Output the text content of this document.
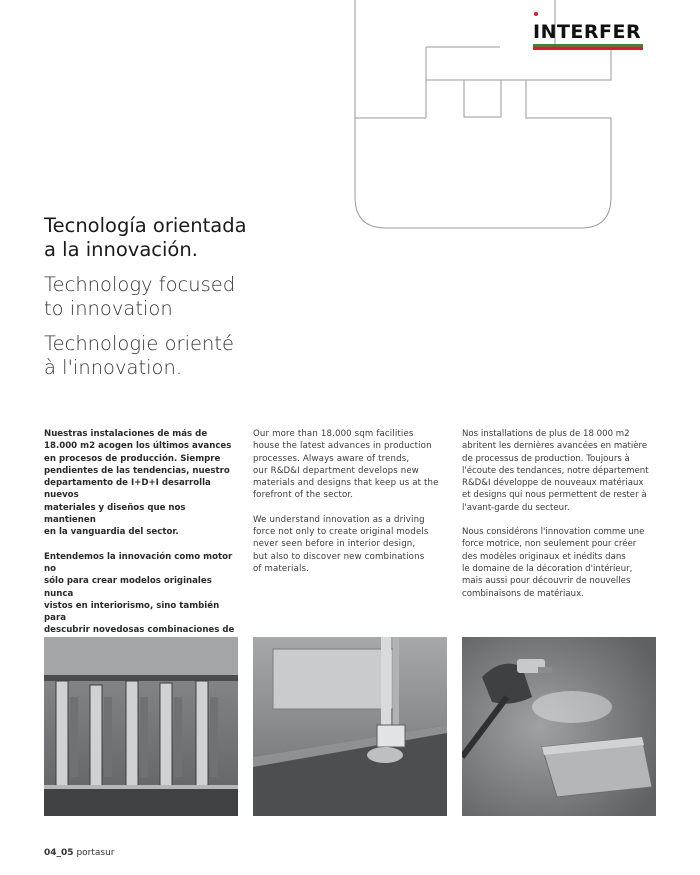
INTERFER
Tecnología orientada
a la innovación.
Technology focused
to innovation
Technologie orienté
à l'innovation.

Nuestras instalaciones de más de
18.000 m2 acogen los últimos avances
en procesos de producción. Siempre
pendientes de las tendencias, nuestro
departamento de I+D+I desarrolla nuevos
materiales y diseños que nos mantienen
en la vanguardia del sector.

Entendemos la innovación como motor no
sólo para crear modelos originales nunca
vistos en interiorismo, sino también para
descubrir novedosas combinaciones de

Our more than 18.000 sqm facilities
house the latest advances in production
processes. Always aware of trends,
our R&D&I department develops new
materials and designs that keep us at the
forefront of the sector.

We understand innovation as a driving
force not only to create original models
never seen before in interior design,
but also to discover new combinations
of materials.

Nos installations de plus de 18 000 m2
abritent les dernières avancées en matière
de processus de production. Toujours à
l'écoute des tendances, notre département
R&D&I développe de nouveaux matériaux
et designs qui nous permettent de rester à
l'avant-garde du secteur.

Nous considérons l'innovation comme une
force motrice, non seulement pour créer
des modèles originaux et inédits dans
le domaine de la décoration d'intérieur,
mais aussi pour découvrir de nouvelles
combinaisons de matériaux.

04_05 portasur
